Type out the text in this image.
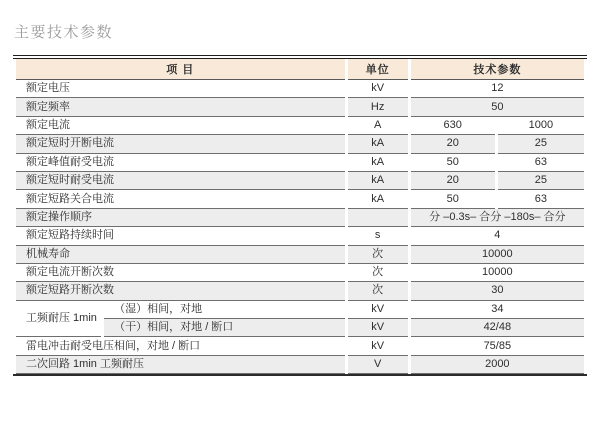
主要技术参数
项 目		单位	技术参数	
额定电压		kV	12	
额定频率		Hz	50	
额定电流		A	630	1000
额定短时开断电流		kA	20	25
额定峰值耐受电流		kA	50	63
额定短时耐受电流		kA	20	25
额定短路关合电流		kA	50	63
额定操作顺序			分 –0.3s– 合分 –180s– 合分	
额定短路持续时间		s	4	
机械寿命		次	10000	
额定电流开断次数		次	10000	
额定短路开断次数		次	30	
工频耐压 1min	（湿）相间，对地	kV	34	
	（干）相间，对地 / 断口	kV	42/48	
雷电冲击耐受电压相间，对地 / 断口		kV	75/85	
二次回路 1min 工频耐压		V	2000	
